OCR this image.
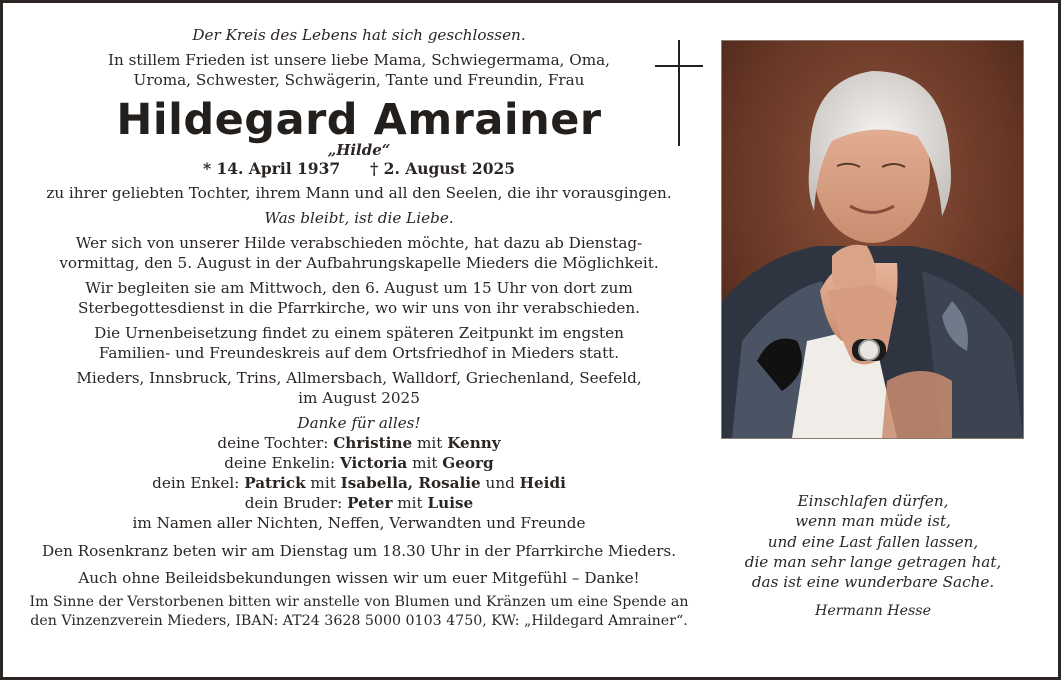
Der Kreis des Lebens hat sich geschlossen.

In stillem Frieden ist unsere liebe Mama, Schwiegermama, Oma,

Uroma, Schwester, Schwägerin, Tante und Freundin, Frau

Hildegard Amrainer

„Hilde“

* 14. April 1937 † 2. August 2025

zu ihrer geliebten Tochter, ihrem Mann und all den Seelen, die ihr vorausgingen.

Was bleibt, ist die Liebe.

Wer sich von unserer Hilde verabschieden möchte, hat dazu ab Dienstag-

vormittag, den 5. August in der Aufbahrungskapelle Mieders die Möglichkeit.

Wir begleiten sie am Mittwoch, den 6. August um 15 Uhr von dort zum

Sterbegottesdienst in die Pfarrkirche, wo wir uns von ihr verabschieden.

Die Urnenbeisetzung findet zu einem späteren Zeitpunkt im engsten

Familien- und Freundeskreis auf dem Ortsfriedhof in Mieders statt.

Mieders, Innsbruck, Trins, Allmersbach, Walldorf, Griechenland, Seefeld,

im August 2025

Danke für alles!

deine Tochter: Christine mit Kenny

deine Enkelin: Victoria mit Georg

dein Enkel: Patrick mit Isabella, Rosalie und Heidi

dein Bruder: Peter mit Luise

im Namen aller Nichten, Neffen, Verwandten und Freunde

Den Rosenkranz beten wir am Dienstag um 18.30 Uhr in der Pfarrkirche Mieders.

Auch ohne Beileidsbekundungen wissen wir um euer Mitgefühl – Danke!

Im Sinne der Verstorbenen bitten wir anstelle von Blumen und Kränzen um eine Spende an

den Vinzenzverein Mieders, IBAN: AT24 3628 5000 0103 4750, KW: „Hildegard Amrainer“.

Einschlafen dürfen,

wenn man müde ist,

und eine Last fallen lassen,

die man sehr lange getragen hat,

das ist eine wunderbare Sache.

Hermann Hesse
